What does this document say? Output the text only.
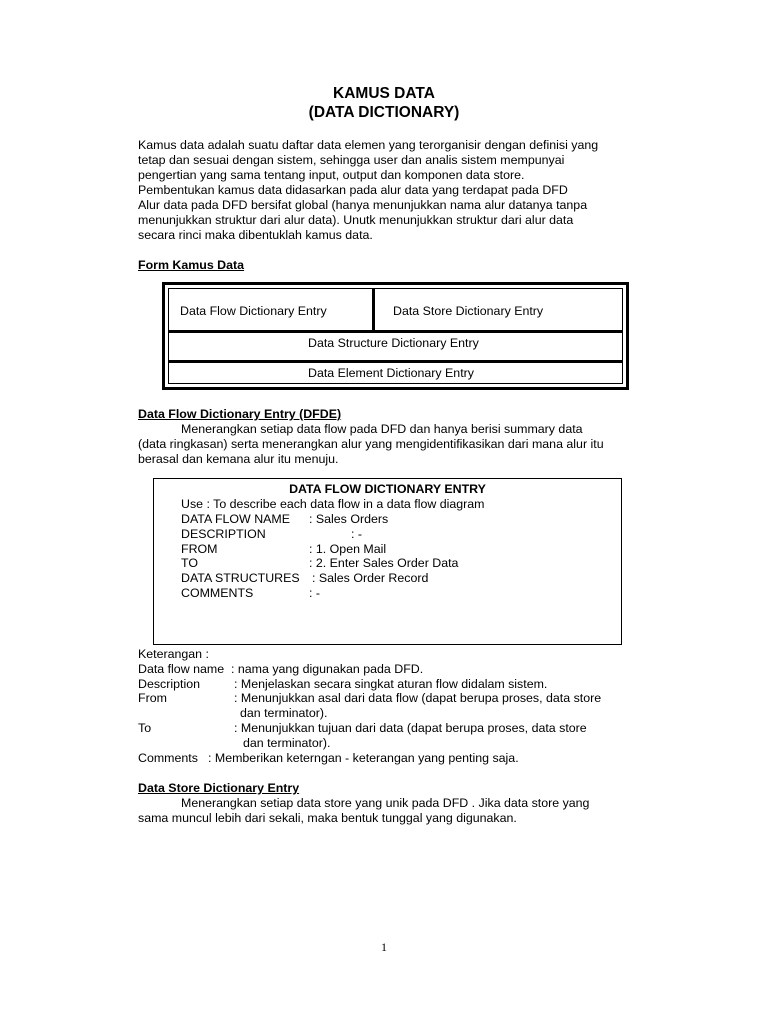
KAMUS DATA
(DATA DICTIONARY)
Kamus data adalah suatu daftar data elemen yang terorganisir dengan definisi yang
tetap dan sesuai dengan sistem, sehingga user dan analis sistem mempunyai
pengertian yang sama tentang input, output dan komponen data store.
Pembentukan kamus data didasarkan pada alur data yang terdapat pada DFD
Alur data pada DFD bersifat global (hanya menunjukkan nama alur datanya tanpa
menunjukkan struktur dari alur data). Unutk menunjukkan struktur dari alur data
secara rinci maka dibentuklah kamus data.
Form Kamus Data
Data Flow Dictionary Entry	Data Store Dictionary Entry
Data Structure Dictionary Entry
Data Element Dictionary Entry
Data Flow Dictionary Entry (DFDE)
Menerangkan setiap data flow pada DFD dan hanya berisi summary data
(data ringkasan) serta menerangkan alur yang mengidentifikasikan dari mana alur itu
berasal dan kemana alur itu menuju.
DATA FLOW DICTIONARY ENTRY
Use : To describe each data flow in a data flow diagram
DATA FLOW NAME : Sales Orders
DESCRIPTION	: -
FROM	: 1. Open Mail
TO	: 2. Enter Sales Order Data
DATA STRUCTURES : Sales Order Record
COMMENTS	: -
Keterangan :
Data flow name : nama yang digunakan pada DFD.
Description	: Menjelaskan secara singkat aturan flow didalam sistem.
From	: Menunjukkan asal dari data flow (dapat berupa proses, data store
dan terminator).
To	: Menunjukkan tujuan dari data (dapat berupa proses, data store
dan terminator).
Comments : Memberikan keterngan - keterangan yang penting saja.
Data Store Dictionary Entry
Menerangkan setiap data store yang unik pada DFD . Jika data store yang
sama muncul lebih dari sekali, maka bentuk tunggal yang digunakan.
1
